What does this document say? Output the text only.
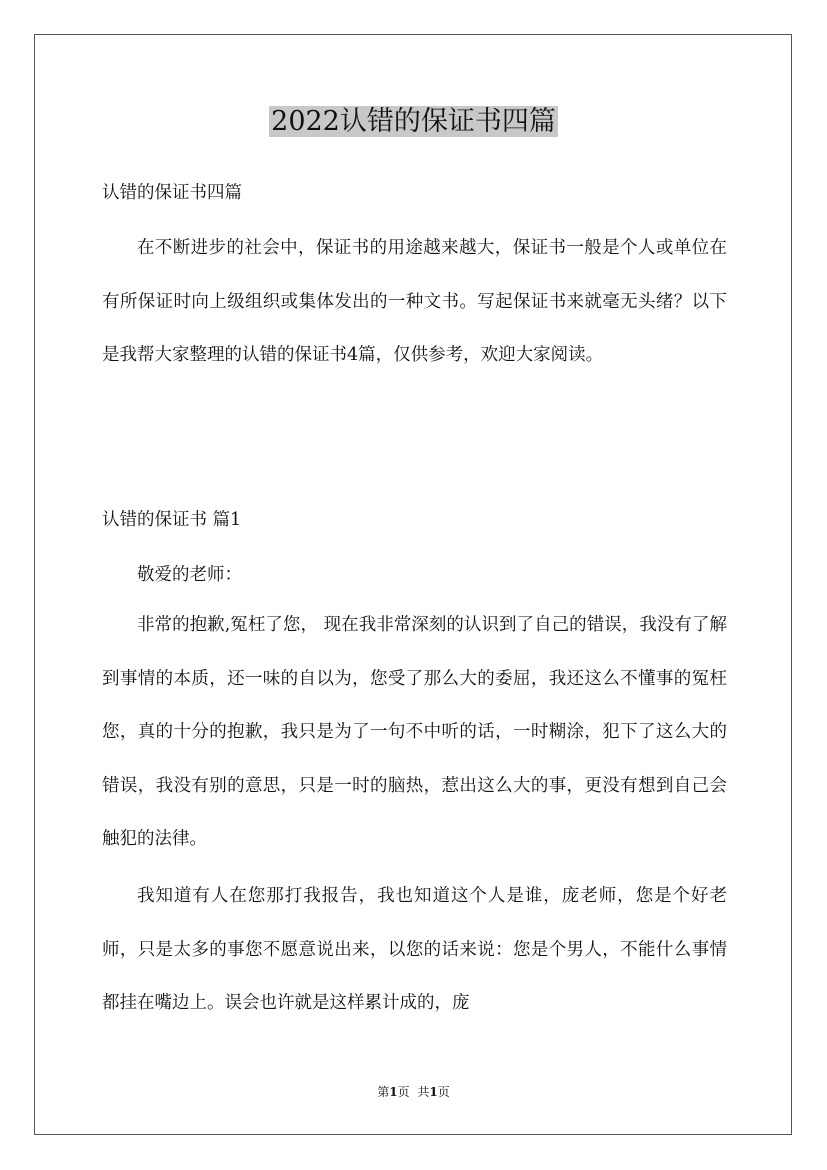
2022认错的保证书四篇

认错的保证书四篇

在不断进步的社会中，保证书的用途越来越大，保证书一般是个人或单位在有所保证时向上级组织或集体发出的一种文书。写起保证书来就毫无头绪？以下是我帮大家整理的认错的保证书4篇，仅供参考，欢迎大家阅读。

认错的保证书 篇1

敬爱的老师：

非常的抱歉,冤枉了您， 现在我非常深刻的认识到了自己的错误，我没有了解到事情的本质，还一味的自以为，您受了那么大的委屈，我还这么不懂事的冤枉您，真的十分的抱歉，我只是为了一句不中听的话，一时糊涂，犯下了这么大的错误，我没有别的意思，只是一时的脑热，惹出这么大的事，更没有想到自己会触犯的法律。

我知道有人在您那打我报告，我也知道这个人是谁，庞老师，您是个好老师，只是太多的事您不愿意说出来，以您的话来说：您是个男人，不能什么事情都挂在嘴边上。误会也许就是这样累计成的，庞

第1页 共1页
